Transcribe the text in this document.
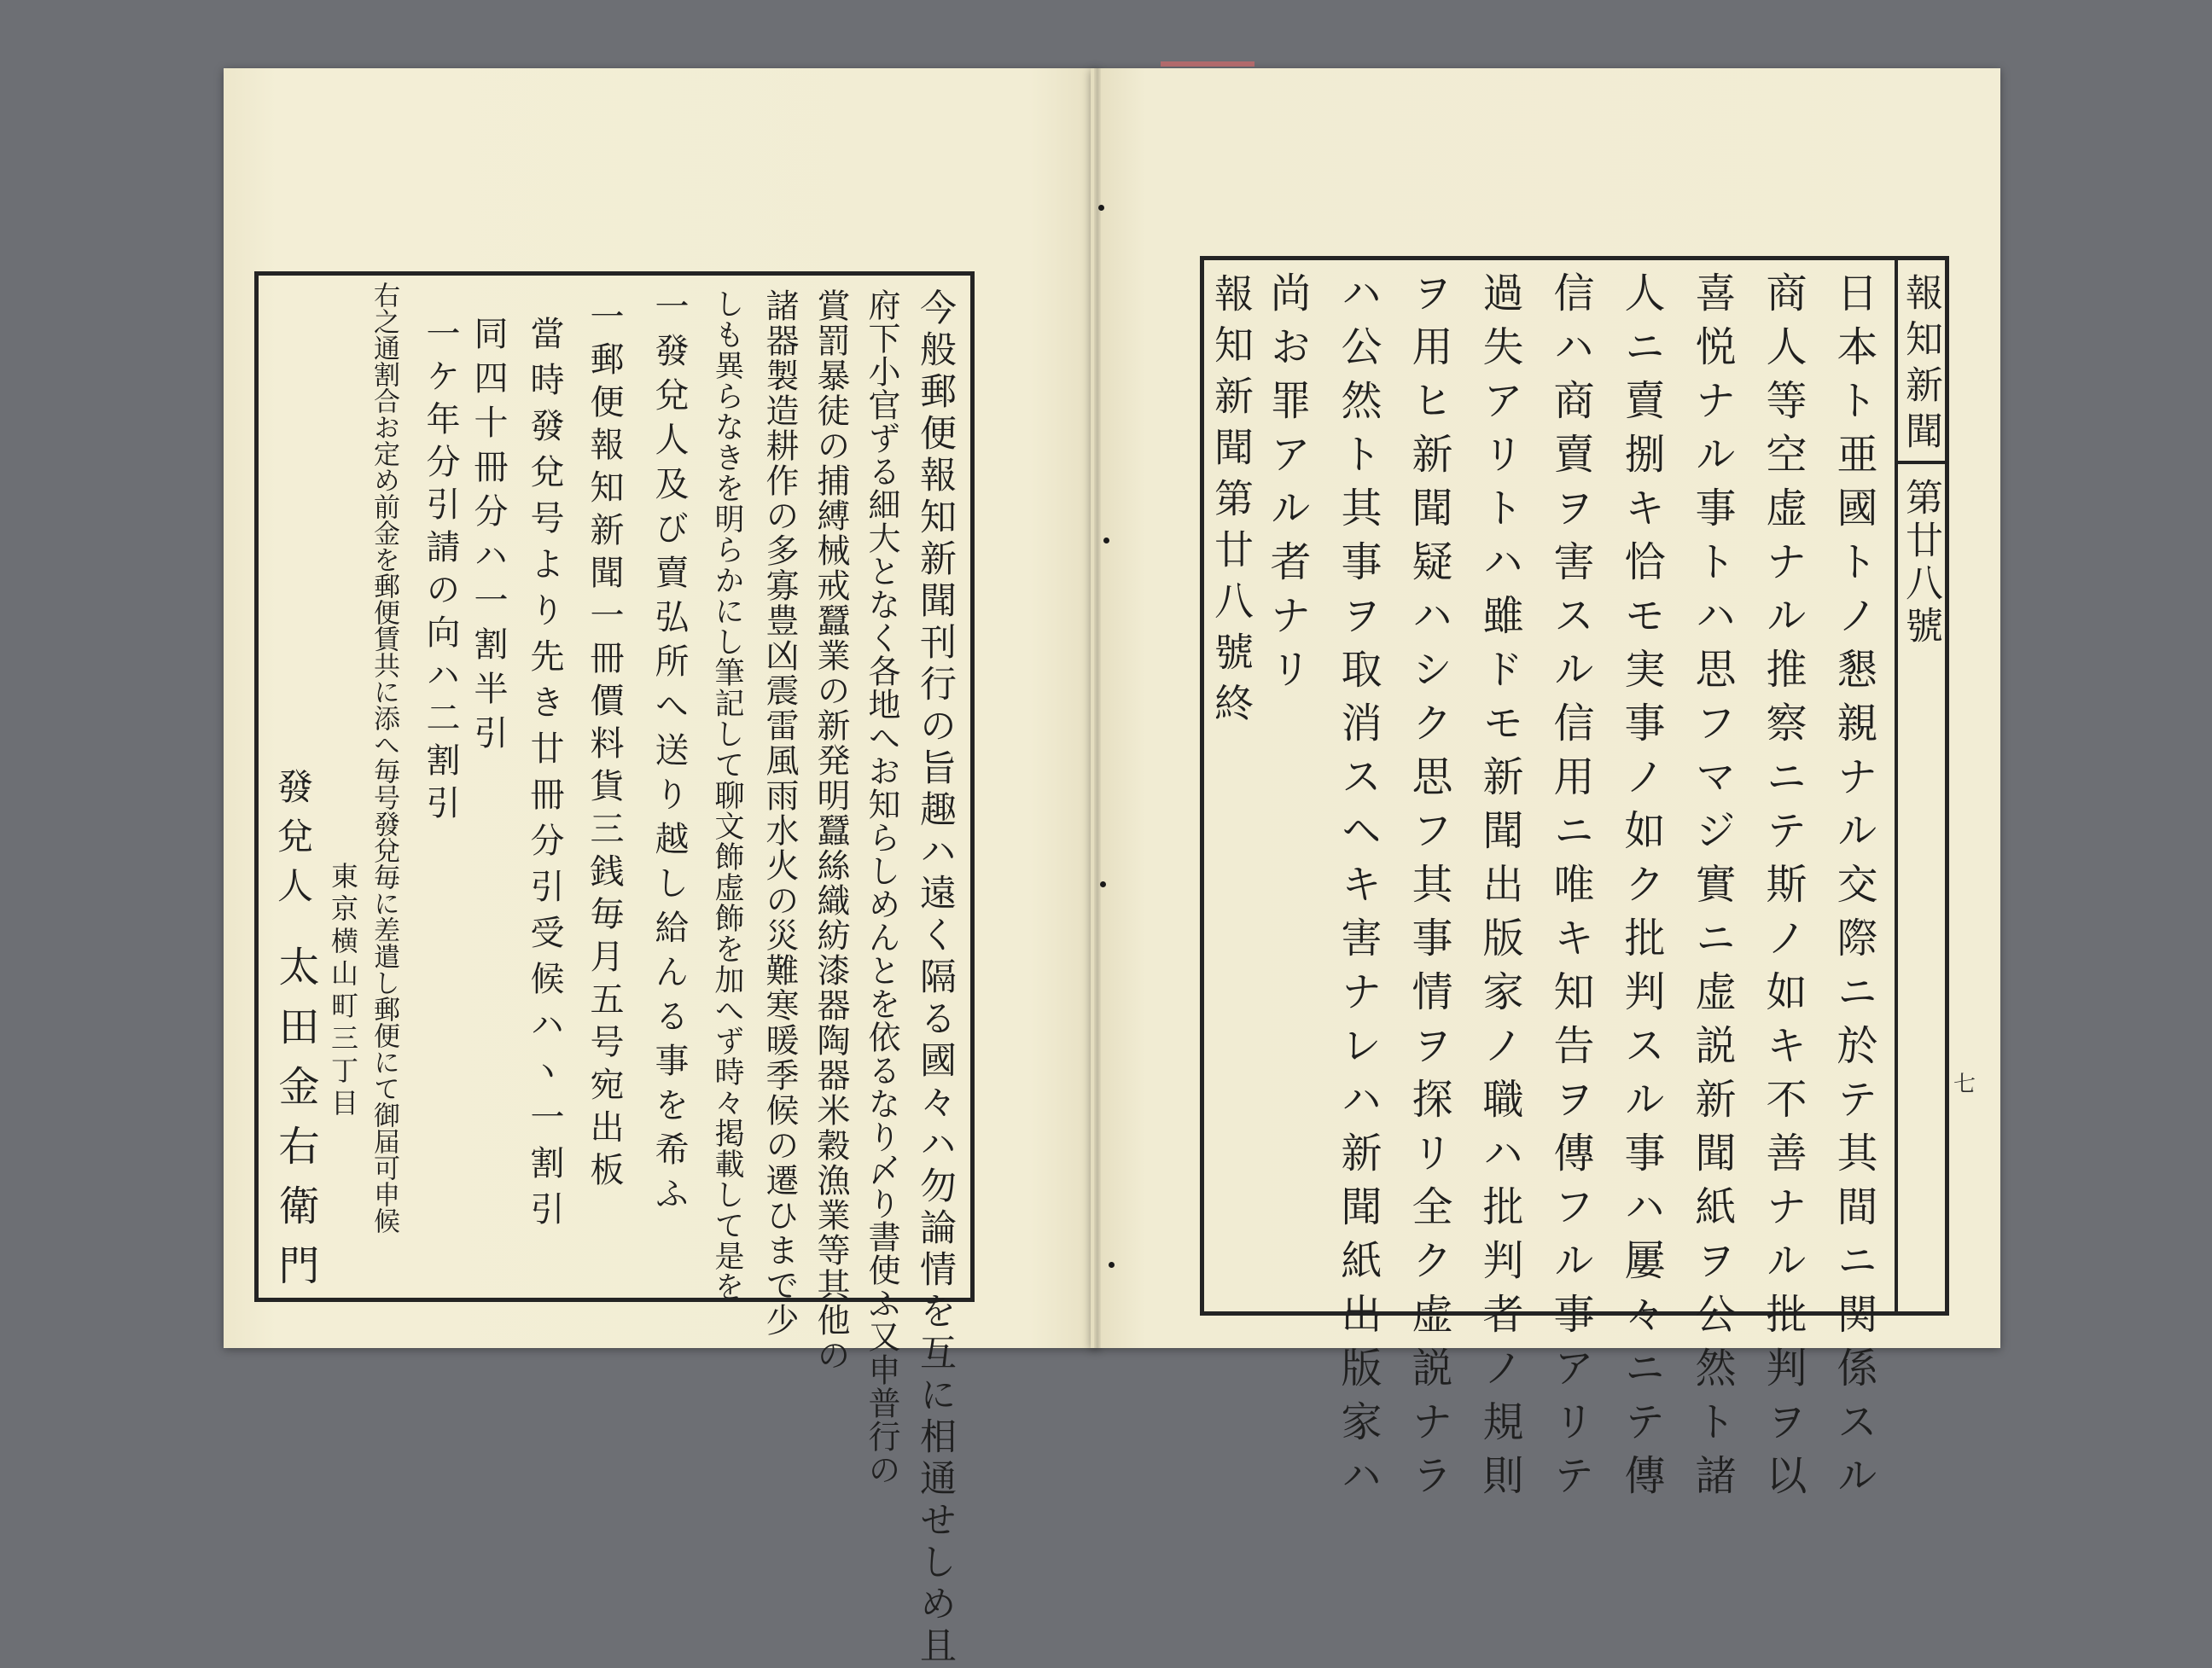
報知新聞
第廿八號
七
日本ト亜國トノ懇親ナル交際ニ於テ其間ニ関係スル
商人等空虚ナル推察ニテ斯ノ如キ不善ナル批判ヲ以
喜悦ナル事トハ思フマジ實ニ虚説新聞紙ヲ公然ト諸
人ニ賣捌キ恰モ実事ノ如ク批判スル事ハ屢々ニテ傳
信ハ商賣ヲ害スル信用ニ唯キ知告ヲ傳フル事アリテ
過失アリトハ雖ドモ新聞出版家ノ職ハ批判者ノ規則
ヲ用ヒ新聞疑ハシク思フ其事情ヲ探リ全ク虚説ナラ
ハ公然ト其事ヲ取消スヘキ害ナレハ新聞紙出版家ハ
尚お罪アル者ナリ
報知新聞第廿八號終
今般郵便報知新聞刊行の旨趣ハ遠く隔る國々ハ勿論情を互に相通せしめ且
府下小官ずる細大となく各地へお知らしめんとを依るなり〆り書使ふ又申普行の
賞罰暴徒の捕縛械戒蠶業の新発明蠶絲織紡漆器陶器米穀漁業等其他の
諸器製造耕作の多寡豊凶震雷風雨水火の災難寒暖季候の遷ひまで少
しも異らなきを明らかにし筆記して聊文飾虚飾を加へず時々掲載して是を
一發兌人及び賣弘所へ送り越し給んる事を希ふ
一郵便報知新聞一冊價料貨三銭毎月五号宛出板
當時發兌号より先き廿冊分引受候ハヽ一割引
同四十冊分ハ一割半引
一ケ年分引請の向ハ二割引
右之通割合お定め前金を郵便賃共に添へ毎号發兌毎に差遣し郵便にて御届可申候
東京横山町三丁目
發兌人
太田金右衛門
